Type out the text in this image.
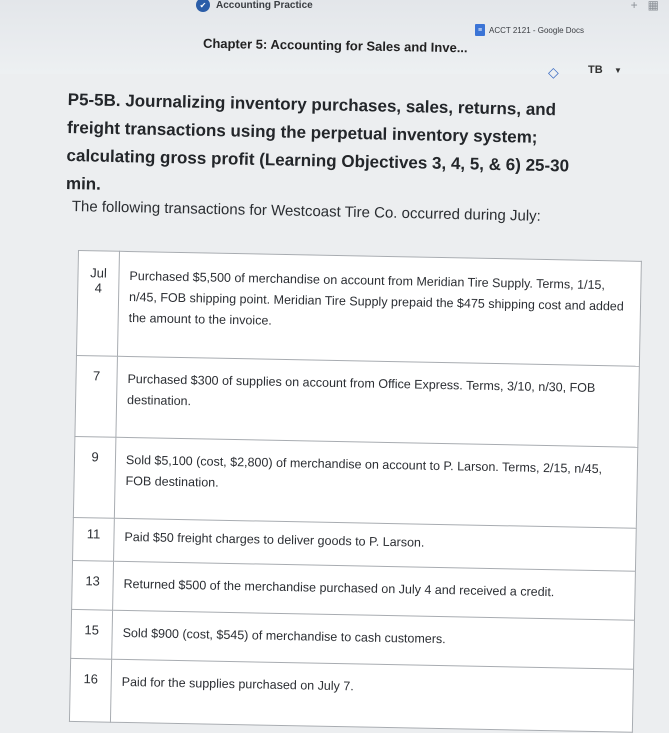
✔ Accounting Practice	+ ▦
≡ ACCT 2121 - Google Docs
Chapter 5: Accounting for Sales and Inve...
◇	TB ▼
P5-5B. Journalizing inventory purchases, sales, returns, and freight transactions using the perpetual inventory system; calculating gross profit (Learning Objectives 3, 4, 5, & 6) 25-30 min.
The following transactions for Westcoast Tire Co. occurred during July:
Jul
4	Purchased $5,500 of merchandise on account from Meridian Tire Supply. Terms, 1/15, n/45, FOB shipping point. Meridian Tire Supply prepaid the $475 shipping cost and added the amount to the invoice.

7	Purchased $300 of supplies on account from Office Express. Terms, 3/10, n/30, FOB destination.

9	Sold $5,100 (cost, $2,800) of merchandise on account to P. Larson. Terms, 2/15, n/45, FOB destination.

11	Paid $50 freight charges to deliver goods to P. Larson.

13	Returned $500 of the merchandise purchased on July 4 and received a credit.

15	Sold $900 (cost, $545) of merchandise to cash customers.

16	Paid for the supplies purchased on July 7.
